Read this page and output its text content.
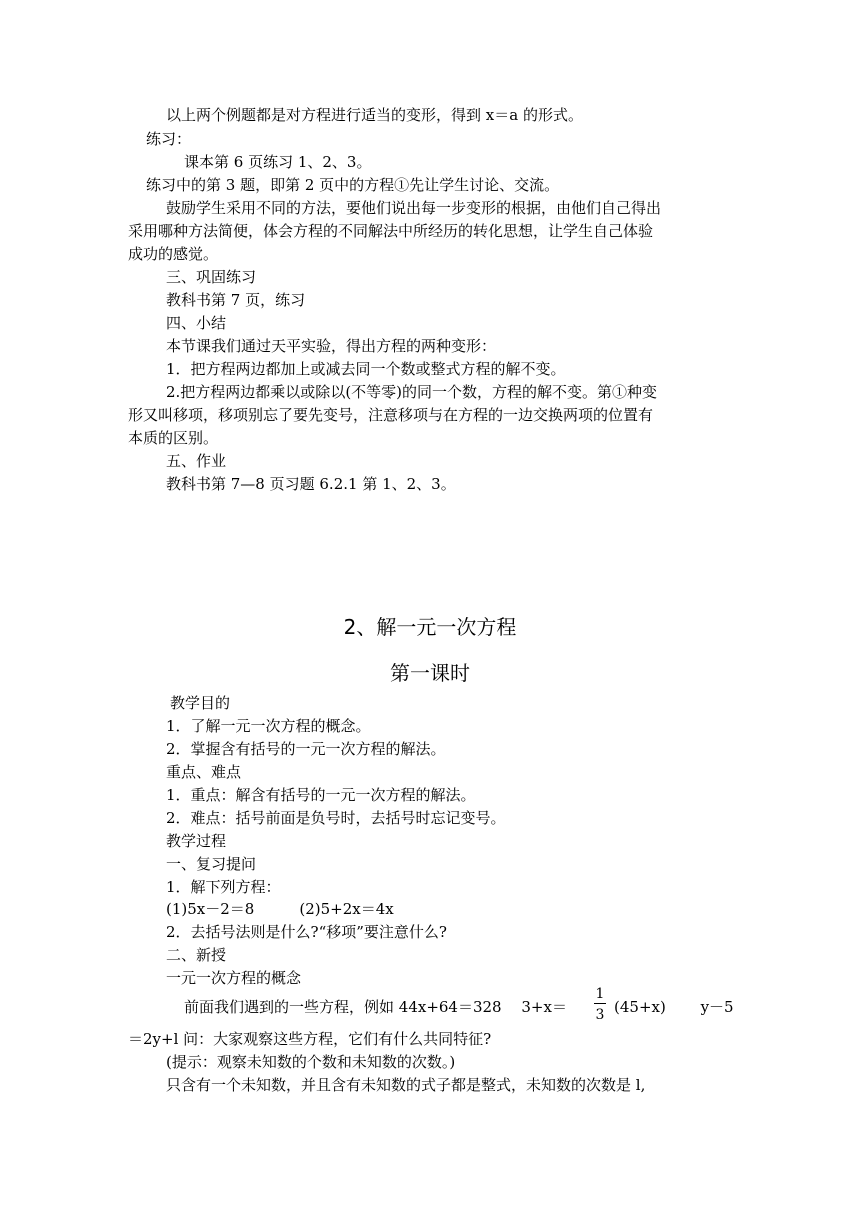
以上两个例题都是对方程进行适当的变形，得到 x＝a 的形式。
练习：
课本第 6 页练习 1、2、3。
练习中的第 3 题，即第 2 页中的方程①先让学生讨论、交流。
鼓励学生采用不同的方法，要他们说出每一步变形的根据，由他们自己得出
采用哪种方法简便，体会方程的不同解法中所经历的转化思想，让学生自己体验
成功的感觉。
三、巩固练习
教科书第 7 页，练习
四、小结
本节课我们通过天平实验，得出方程的两种变形：
1．把方程两边都加上或减去同一个数或整式方程的解不变。
2.把方程两边都乘以或除以(不等零)的同一个数，方程的解不变。第①种变
形又叫移项，移项别忘了要先变号，注意移项与在方程的一边交换两项的位置有
本质的区别。
五、作业
教科书第 7—8 页习题 6.2.1 第 1、2、3。
2、解一元一次方程
第一课时
教学目的
1．了解一元一次方程的概念。
2．掌握含有括号的一元一次方程的解法。
重点、难点
1．重点：解含有括号的一元一次方程的解法。
2．难点：括号前面是负号时，去括号时忘记变号。
教学过程
一、复习提问
1．解下列方程：
(1)5x－2＝8　　　(2)5+2x＝4x
2．去括号法则是什么?“移项”要注意什么?
二、新授
一元一次方程的概念
前面我们遇到的一些方程，例如 44x+64＝328　 3+x＝
1
3 (45+x)　　 y－5
＝2y+l 问：大家观察这些方程，它们有什么共同特征?
(提示：观察未知数的个数和未知数的次数。)
只含有一个未知数，并且含有未知数的式子都是整式，未知数的次数是 l,
